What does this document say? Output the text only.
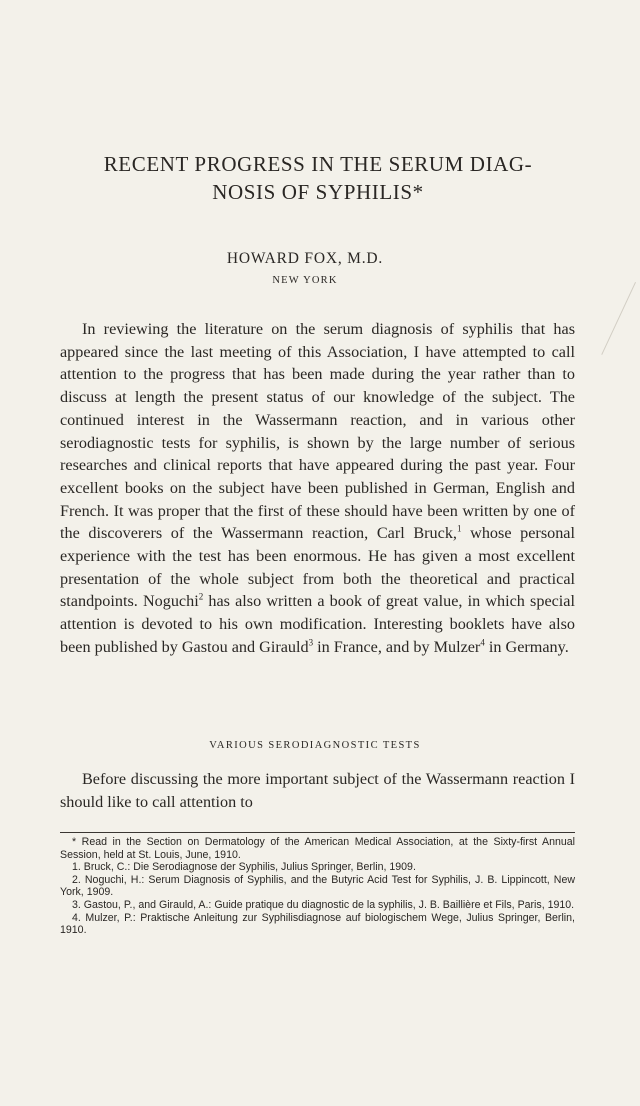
RECENT PROGRESS IN THE SERUM DIAG-
NOSIS OF SYPHILIS*
HOWARD FOX, M.D.
NEW YORK
In reviewing the literature on the serum diagnosis of syphilis that has appeared since the last meeting of this Association, I have attempted to call attention to the progress that has been made during the year rather than to discuss at length the present status of our knowledge of the subject. The continued interest in the Wassermann reaction, and in various other serodiagnostic tests for syphilis, is shown by the large number of serious researches and clinical reports that have appeared during the past year. Four excellent books on the subject have been published in German, English and French. It was proper that the first of these should have been written by one of the discoverers of the Wassermann reaction, Carl Bruck,$^1$ whose personal experience with the test has been enormous. He has given a most excellent presentation of the whole subject from both the theoretical and practical standpoints. Noguchi$^2$ has also written a book of great value, in which special attention is devoted to his own modification. Interesting booklets have also been published by Gastou and Girauld$^3$ in France, and by Mulzer$^4$ in Germany.
VARIOUS SERODIAGNOSTIC TESTS
Before discussing the more important subject of the Wassermann reaction I should like to call attention to

* Read in the Section on Dermatology of the American Medical Association, at the Sixty-first Annual Session, held at St. Louis, June, 1910.

1. Bruck, C.: Die Serodiagnose der Syphilis, Julius Springer, Berlin, 1909.

2. Noguchi, H.: Serum Diagnosis of Syphilis, and the Butyric Acid Test for Syphilis, J. B. Lippincott, New York, 1909.

3. Gastou, P., and Girauld, A.: Guide pratique du diagnostic de la syphilis, J. B. Baillière et Fils, Paris, 1910.

4. Mulzer, P.: Praktische Anleitung zur Syphilisdiagnose auf biologischem Wege, Julius Springer, Berlin, 1910.
